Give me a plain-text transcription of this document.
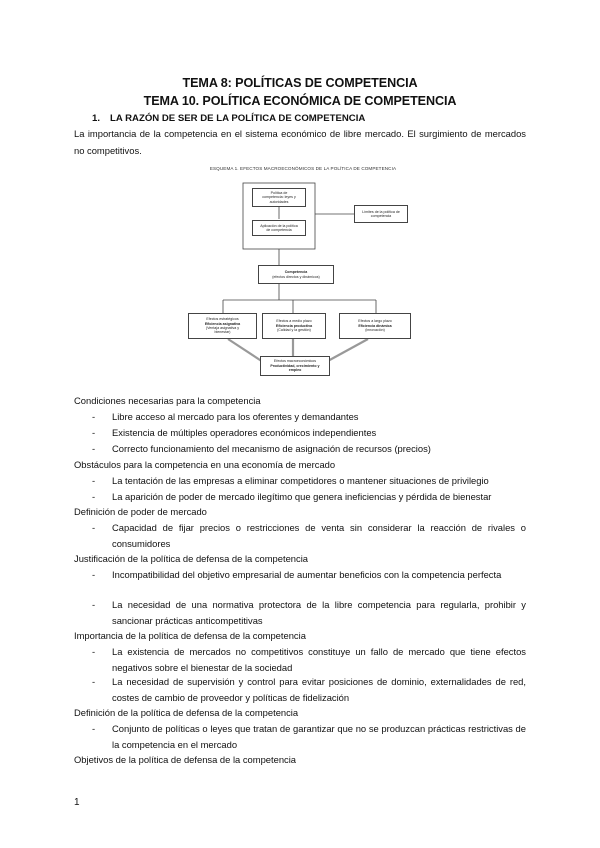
TEMA 8: POLÍTICAS DE COMPETENCIA
TEMA 10. POLÍTICA ECONÓMICA DE COMPETENCIA
1. LA RAZÓN DE SER DE LA POLÍTICA DE COMPETENCIA
La importancia de la competencia en el sistema económico de libre mercado. El surgimiento de mercados no competitivos.
ESQUEMA 1. EFECTOS MACROECONÓMICOS DE LA POLÍTICA DE COMPETENCIA
Política de
competencia: leyes y
autoridades
Aplicación de la política
de competencia
Límites de la política de
competencia
Competencia
(efectos directos y dinámicos)
Efectos estratégicos
Eficiencia asignativa
(Ventaja asignativa y
bienestar)
Efectos a medio plazo
Eficiencia productiva
(Calidad y la gestión)
Efectos a largo plazo
Eficiencia dinámica
(innovación)
Efectos macroeconómicos
Productividad, crecimiento y
empleo
Condiciones necesarias para la competencia
- Libre acceso al mercado para los oferentes y demandantes
- Existencia de múltiples operadores económicos independientes
- Correcto funcionamiento del mecanismo de asignación de recursos (precios)
Obstáculos para la competencia en una economía de mercado
- La tentación de las empresas a eliminar competidores o mantener situaciones de privilegio
- La aparición de poder de mercado ilegítimo que genera ineficiencias y pérdida de bienestar
Definición de poder de mercado
- Capacidad de fijar precios o restricciones de venta sin considerar la reacción de rivales o consumidores
Justificación de la política de defensa de la competencia
- Incompatibilidad del objetivo empresarial de aumentar beneficios con la competencia perfecta
- La necesidad de una normativa protectora de la libre competencia para regularla, prohibir y sancionar prácticas anticompetitivas
Importancia de la política de defensa de la competencia
- La existencia de mercados no competitivos constituye un fallo de mercado que tiene efectos negativos sobre el bienestar de la sociedad
- La necesidad de supervisión y control para evitar posiciones de dominio, externalidades de red, costes de cambio de proveedor y políticas de fidelización
Definición de la política de defensa de la competencia
- Conjunto de políticas o leyes que tratan de garantizar que no se produzcan prácticas restrictivas de la competencia en el mercado
Objetivos de la política de defensa de la competencia
1
